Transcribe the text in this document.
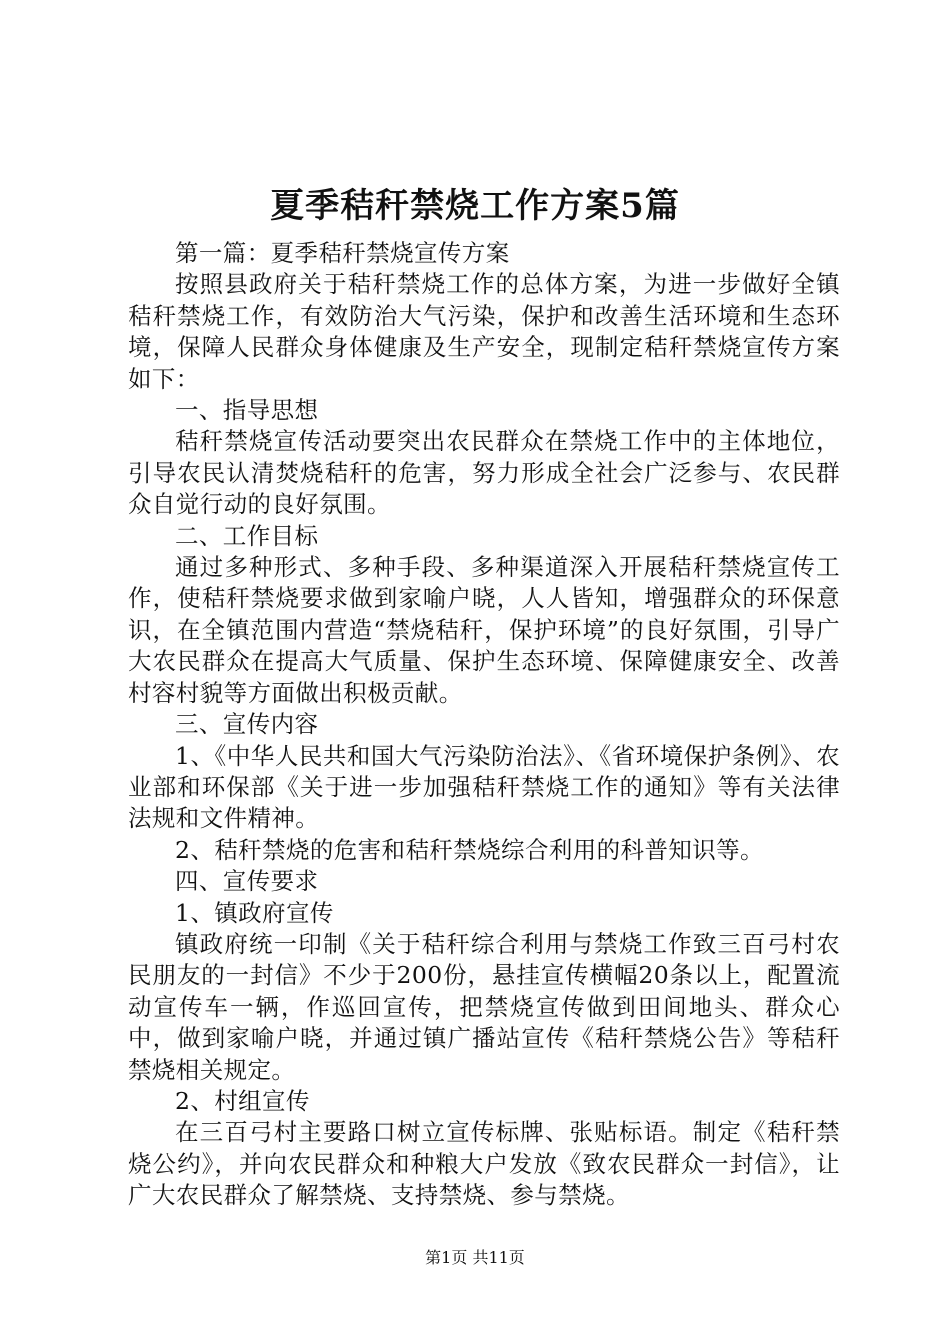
夏季秸秆禁烧工作方案5篇

第一篇：夏季秸秆禁烧宣传方案

按照县政府关于秸秆禁烧工作的总体方案，为进一步做好全镇秸秆禁烧工作，有效防治大气污染，保护和改善生活环境和生态环境，保障人民群众身体健康及生产安全，现制定秸秆禁烧宣传方案如下：

一、指导思想

秸秆禁烧宣传活动要突出农民群众在禁烧工作中的主体地位，引导农民认清焚烧秸秆的危害，努力形成全社会广泛参与、农民群众自觉行动的良好氛围。

二、工作目标

通过多种形式、多种手段、多种渠道深入开展秸秆禁烧宣传工作，使秸秆禁烧要求做到家喻户晓，人人皆知，增强群众的环保意识，在全镇范围内营造“禁烧秸秆，保护环境”的良好氛围，引导广大农民群众在提高大气质量、保护生态环境、保障健康安全、改善村容村貌等方面做出积极贡献。

三、宣传内容

1、《中华人民共和国大气污染防治法》、《省环境保护条例》、农业部和环保部《关于进一步加强秸秆禁烧工作的通知》等有关法律法规和文件精神。

2、秸秆禁烧的危害和秸秆禁烧综合利用的科普知识等。

四、宣传要求

1、镇政府宣传

镇政府统一印制《关于秸秆综合利用与禁烧工作致三百弓村农民朋友的一封信》不少于200份，悬挂宣传横幅20条以上，配置流动宣传车一辆，作巡回宣传，把禁烧宣传做到田间地头、群众心中，做到家喻户晓，并通过镇广播站宣传《秸秆禁烧公告》等秸秆禁烧相关规定。

2、村组宣传

在三百弓村主要路口树立宣传标牌、张贴标语。制定《秸秆禁烧公约》，并向农民群众和种粮大户发放《致农民群众一封信》，让广大农民群众了解禁烧、支持禁烧、参与禁烧。

第1页 共11页
